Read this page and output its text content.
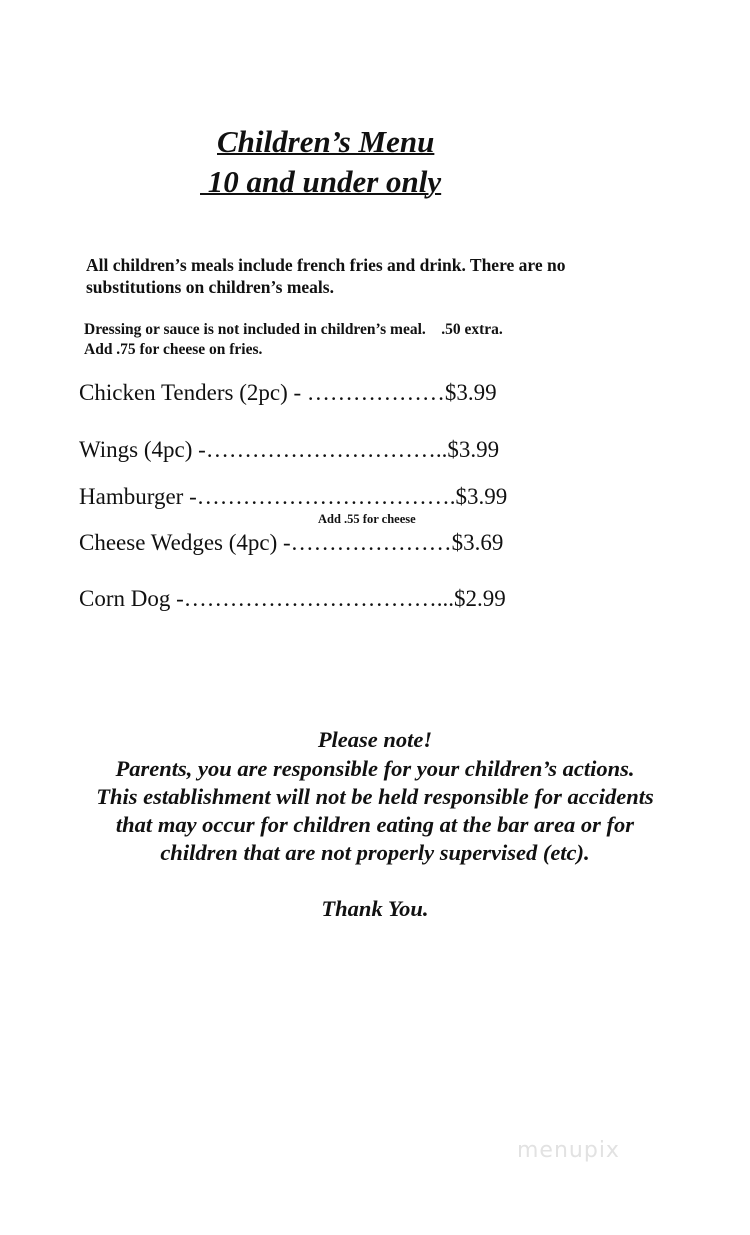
Children’s Menu
10 and under only
All children’s meals include french fries and drink. There are no
substitutions on children’s meals.
Dressing or sauce is not included in children’s meal.    .50 extra.
Add .75 for cheese on fries.
Chicken Tenders (2pc) - ………………$3.99
Wings (4pc) -…………………………..$3.99
Hamburger -…………………………….$3.99
Add .55 for cheese
Cheese Wedges (4pc) -…………………$3.69
Corn Dog -……………………………...$2.99
Please note!
Parents, you are responsible for your children’s actions.
This establishment will not be held responsible for accidents
that may occur for children eating at the bar area or for
children that are not properly supervised (etc).
Thank You.
menupix
